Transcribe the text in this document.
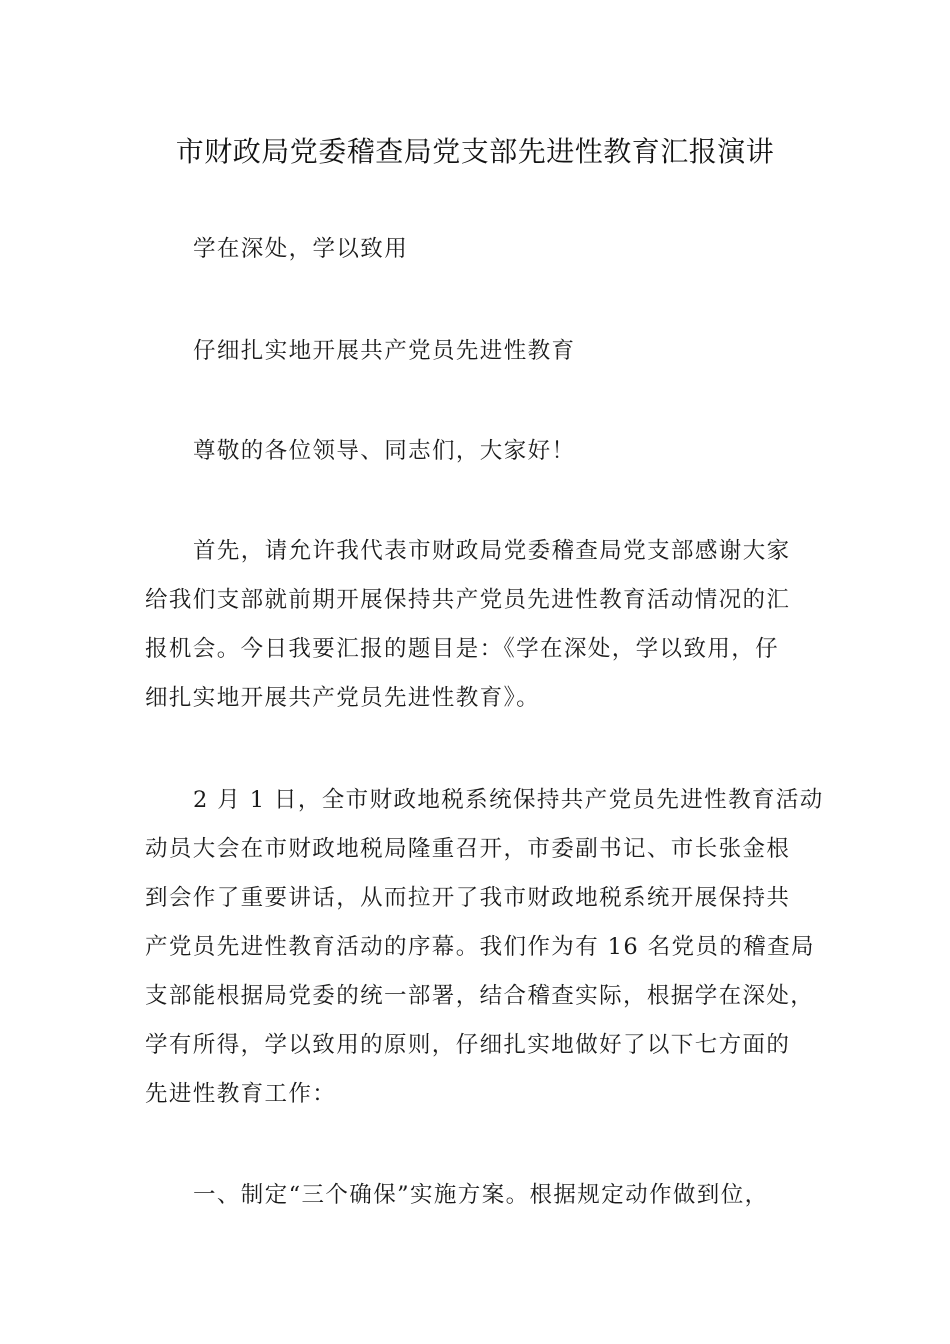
市财政局党委稽查局党支部先进性教育汇报演讲
学在深处，学以致用
仔细扎实地开展共产党员先进性教育
尊敬的各位领导、同志们，大家好！
首先，请允许我代表市财政局党委稽查局党支部感谢大家
给我们支部就前期开展保持共产党员先进性教育活动情况的汇
报机会。今日我要汇报的题目是：《学在深处，学以致用，仔
细扎实地开展共产党员先进性教育》。
2 月 1 日，全市财政地税系统保持共产党员先进性教育活动
动员大会在市财政地税局隆重召开，市委副书记、市长张金根
到会作了重要讲话，从而拉开了我市财政地税系统开展保持共
产党员先进性教育活动的序幕。我们作为有 16 名党员的稽查局
支部能根据局党委的统一部署，结合稽查实际，根据学在深处，
学有所得，学以致用的原则，仔细扎实地做好了以下七方面的
先进性教育工作：
一、制定“三个确保”实施方案。根据规定动作做到位，
